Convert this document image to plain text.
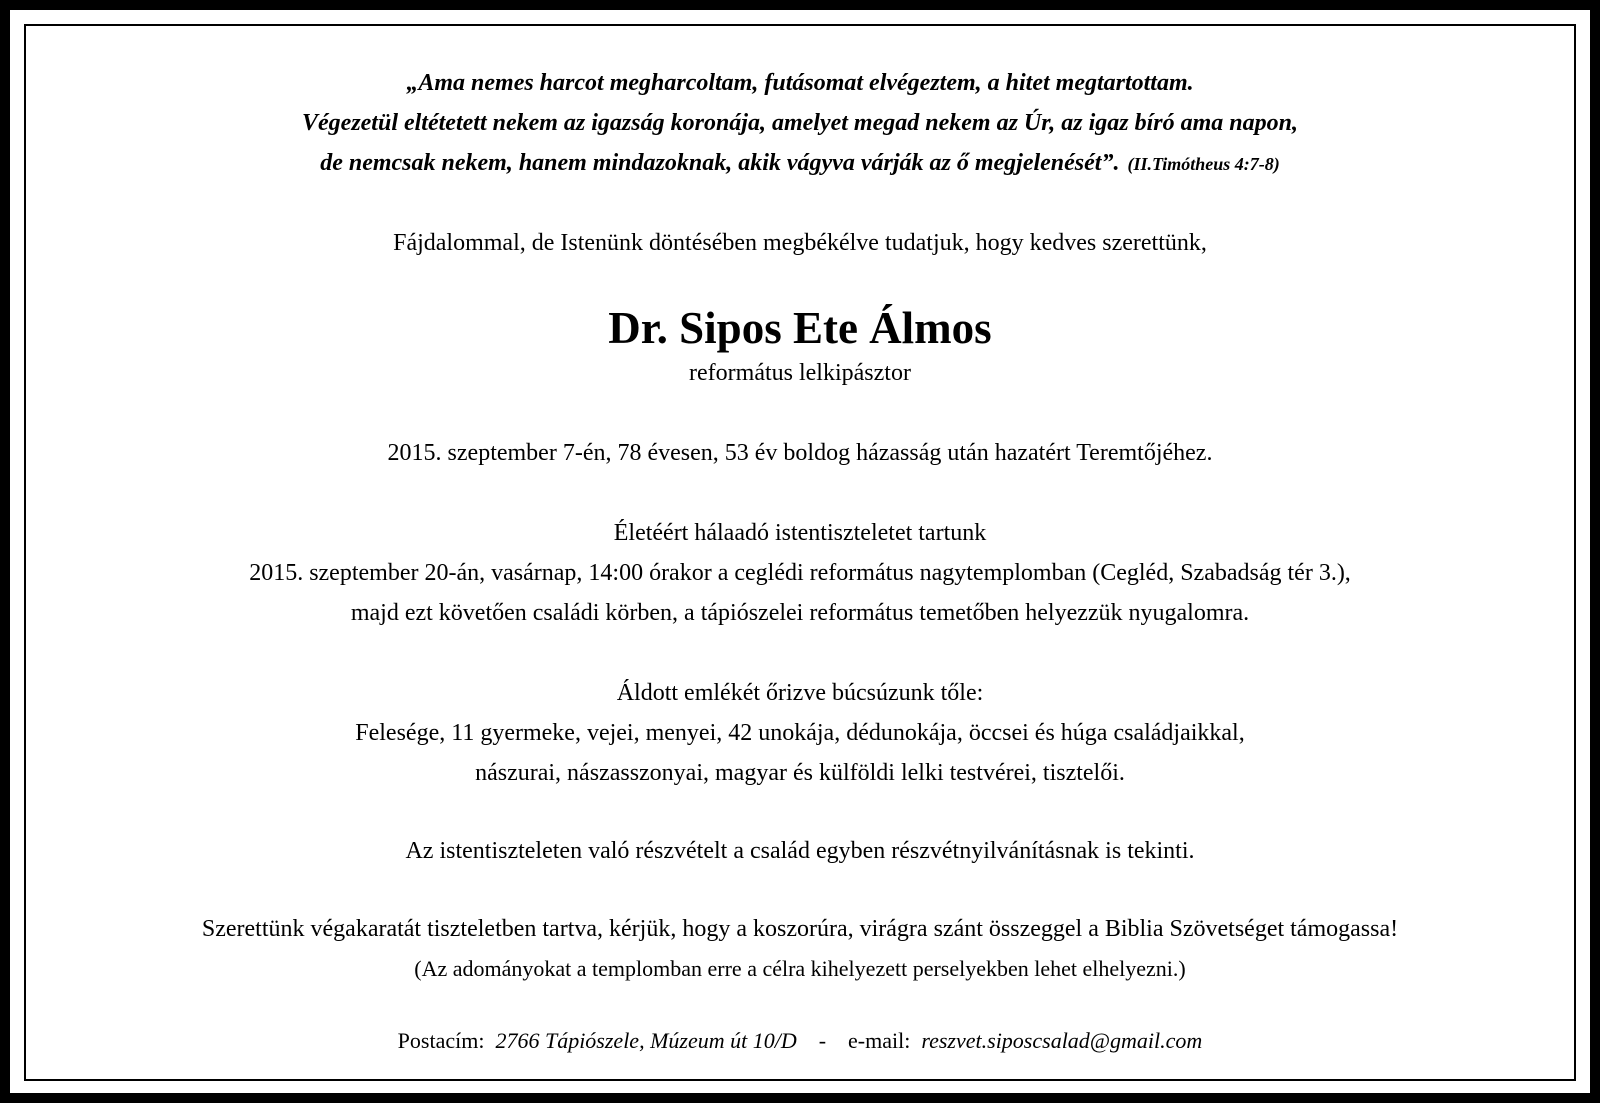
„Ama nemes harcot megharcoltam, futásomat elvégeztem, a hitet megtartottam.
Végezetül eltétetett nekem az igazság koronája, amelyet megad nekem az Úr, az igaz bíró ama napon,
de nemcsak nekem, hanem mindazoknak, akik vágyva várják az ő megjelenését”. (II.Timótheus 4:7-8)
Fájdalommal, de Istenünk döntésében megbékélve tudatjuk, hogy kedves szerettünk,
Dr. Sipos Ete Álmos
református lelkipásztor
2015. szeptember 7-én, 78 évesen, 53 év boldog házasság után hazatért Teremtőjéhez.
Életéért hálaadó istentiszteletet tartunk
2015. szeptember 20-án, vasárnap, 14:00 órakor a ceglédi református nagytemplomban (Cegléd, Szabadság tér 3.),
majd ezt követően családi körben, a tápiószelei református temetőben helyezzük nyugalomra.
Áldott emlékét őrizve búcsúzunk tőle:
Felesége, 11 gyermeke, vejei, menyei, 42 unokája, dédunokája, öccsei és húga családjaikkal,
nászurai, nászasszonyai, magyar és külföldi lelki testvérei, tisztelői.
Az istentiszteleten való részvételt a család egyben részvétnyilvánításnak is tekinti.
Szerettünk végakaratát tiszteletben tartva, kérjük, hogy a koszorúra, virágra szánt összeggel a Biblia Szövetséget támogassa!
(Az adományokat a templomban erre a célra kihelyezett perselyekben lehet elhelyezni.)
Postacím: 2766 Tápiószele, Múzeum út 10/D - e-mail: reszvet.siposcsalad@gmail.com
